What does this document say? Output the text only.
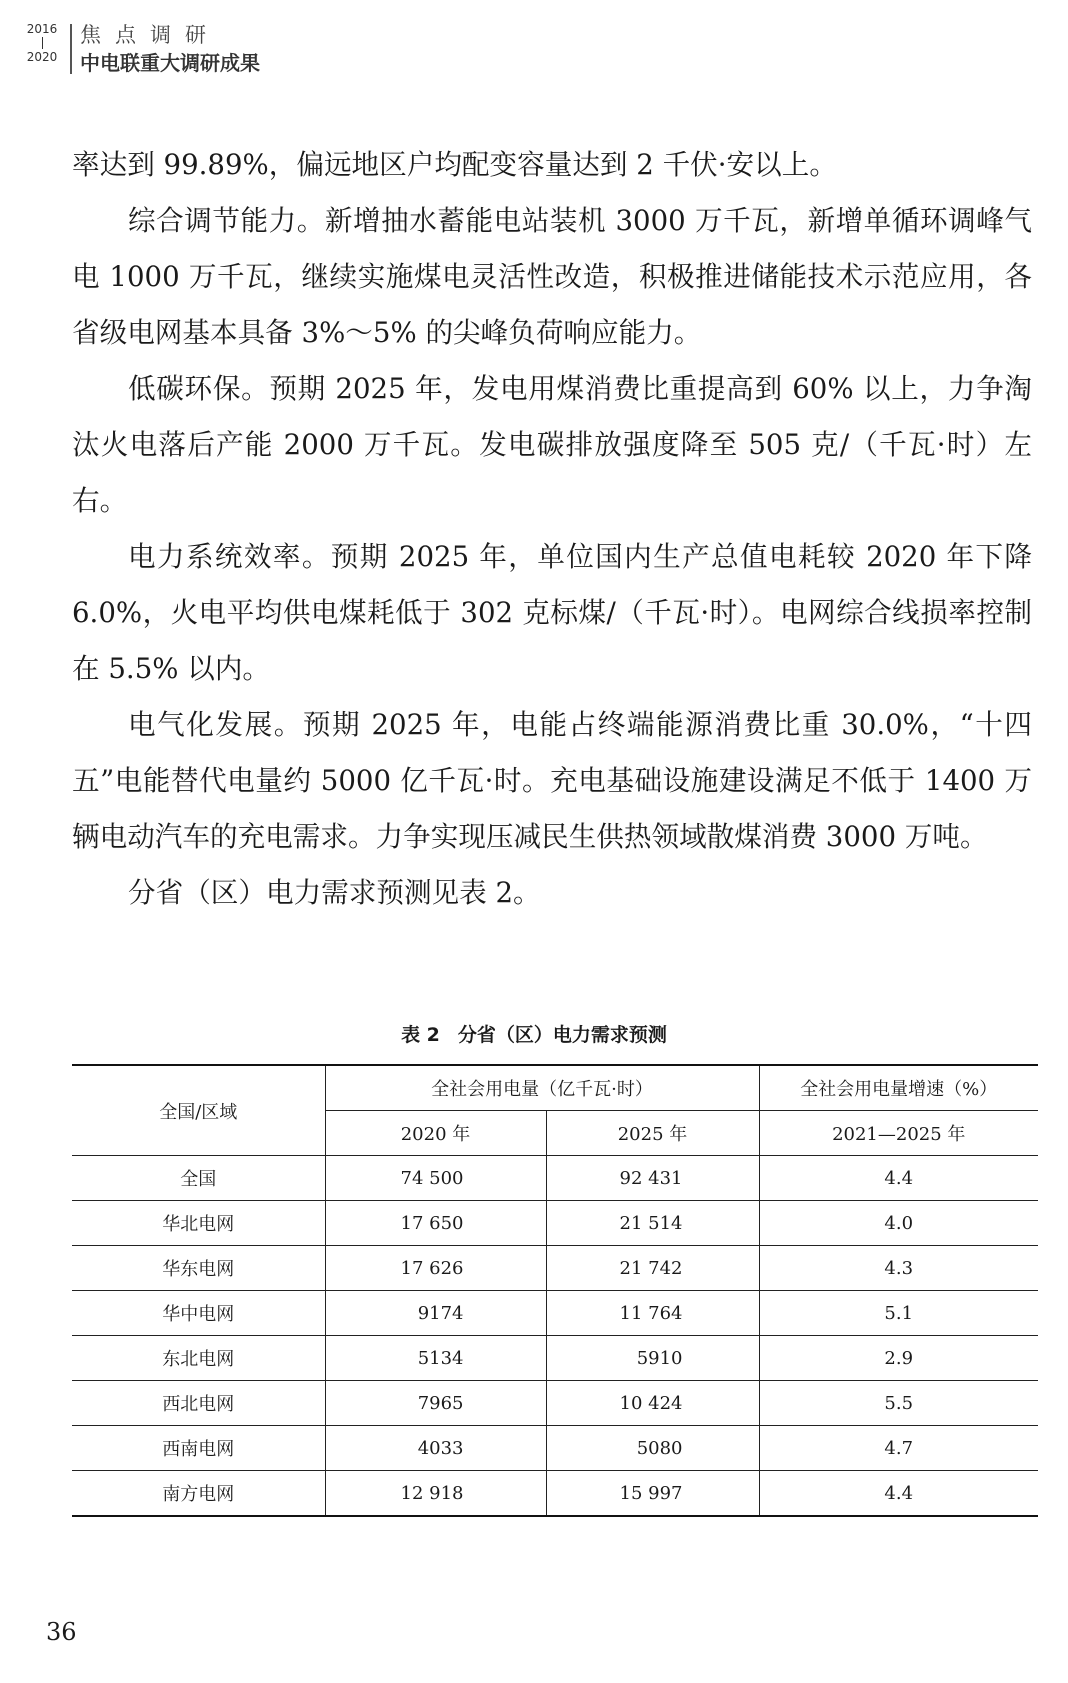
2016
2020
焦点调研
中电联重大调研成果

率达到 99.89%，偏远地区户均配变容量达到 2 千伏·安以上。

综合调节能力。新增抽水蓄能电站装机 3000 万千瓦，新增单循环调峰气电 1000 万千瓦，继续实施煤电灵活性改造，积极推进储能技术示范应用，各省级电网基本具备 3%～5% 的尖峰负荷响应能力。

低碳环保。预期 2025 年，发电用煤消费比重提高到 60% 以上，力争淘汰火电落后产能 2000 万千瓦。发电碳排放强度降至 505 克/（千瓦·时）左右。

电力系统效率。预期 2025 年，单位国内生产总值电耗较 2020 年下降 6.0%，火电平均供电煤耗低于 302 克标煤/（千瓦·时）。电网综合线损率控制在 5.5% 以内。

电气化发展。预期 2025 年，电能占终端能源消费比重 30.0%，“十四五”电能替代电量约 5000 亿千瓦·时。充电基础设施建设满足不低于 1400 万辆电动汽车的充电需求。力争实现压减民生供热领域散煤消费 3000 万吨。

分省（区）电力需求预测见表 2。

表 2 分省（区）电力需求预测
全国/区域	全社会用电量（亿千瓦·时）		全社会用电量增速（%）
	2020 年	2025 年	2021—2025 年
全国	74 500	92 431	4.4
华北电网	17 650	21 514	4.0
华东电网	17 626	21 742	4.3
华中电网	9174	11 764	5.1
东北电网	5134	5910	2.9
西北电网	7965	10 424	5.5
西南电网	4033	5080	4.7
南方电网	12 918	15 997	4.4
36
